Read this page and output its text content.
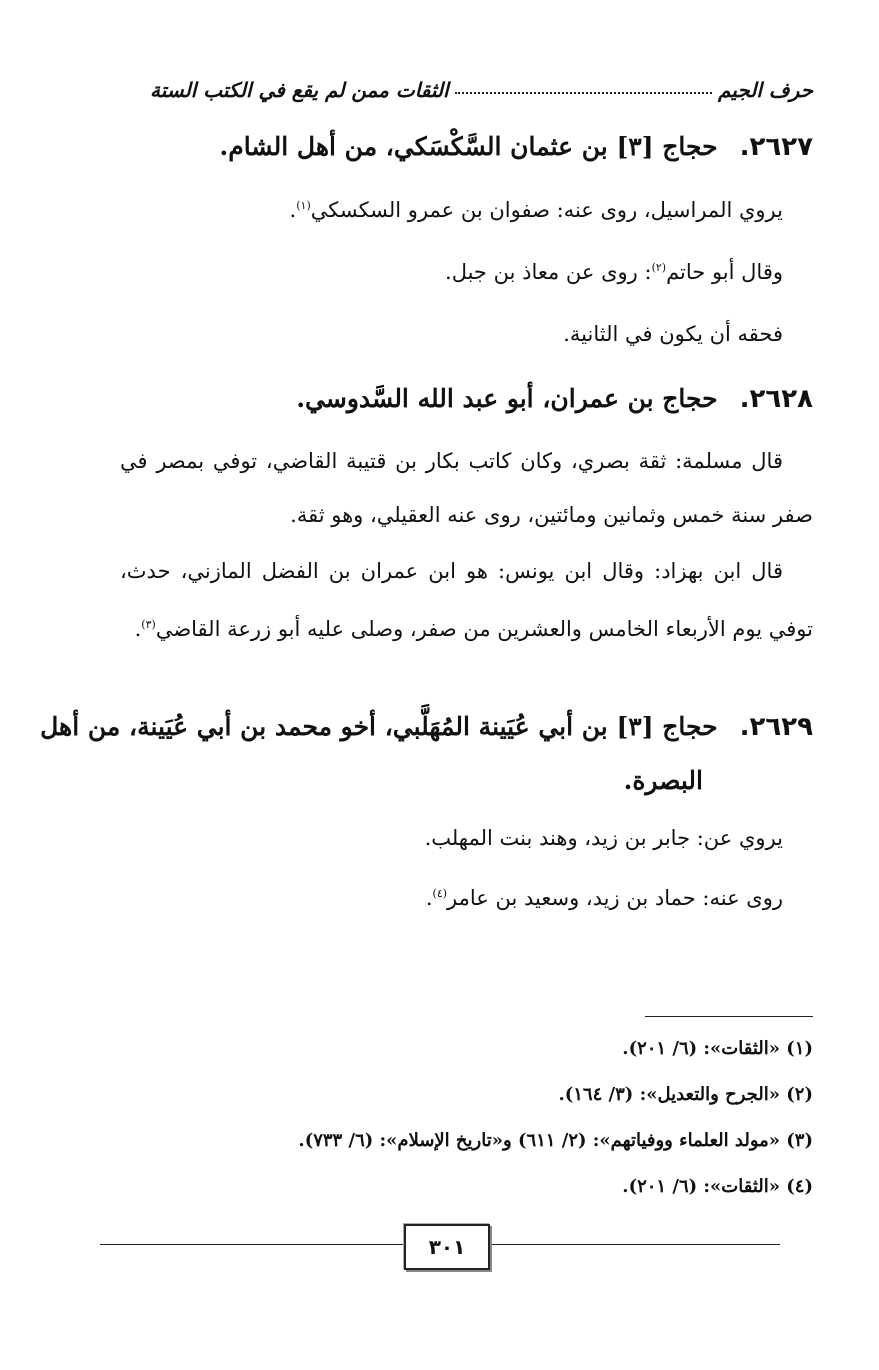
حرف الجيم
الثقات ممن لم يقع في الكتب الستة
٢٦٢٧.حجاج [٣] بن عثمان السَّكْسَكي، من أهل الشام.
يروي المراسيل، روى عنه: صفوان بن عمرو السكسكي$^{(١)}$.
وقال أبو حاتم$^{(٢)}$: روى عن معاذ بن جبل.
فحقه أن يكون في الثانية.
٢٦٢٨.حجاج بن عمران، أبو عبد الله السَّدوسي.
قال مسلمة: ثقة بصري، وكان كاتب بكار بن قتيبة القاضي، توفي بمصر في صفر سنة خمس وثمانين ومائتين، روى عنه العقيلي، وهو ثقة.
قال ابن بهزاد: وقال ابن يونس: هو ابن عمران بن الفضل المازني، حدث، توفي يوم الأربعاء الخامس والعشرين من صفر، وصلى عليه أبو زرعة القاضي$^{(٣)}$.
٢٦٢٩.حجاج [٣] بن أبي عُيَينة المُهَلَّبي، أخو محمد بن أبي عُيَينة، من أهل
البصرة.
يروي عن: جابر بن زيد، وهند بنت المهلب.
روى عنه: حماد بن زيد، وسعيد بن عامر$^{(٤)}$.
(١) «الثقات»: (٦/ ٢٠١).
(٢) «الجرح والتعديل»: (٣/ ١٦٤).
(٣) «مولد العلماء ووفياتهم»: (٢/ ٦١١) و«تاريخ الإسلام»: (٦/ ٧٣٣).
(٤) «الثقات»: (٦/ ٢٠١).
٣٠١
